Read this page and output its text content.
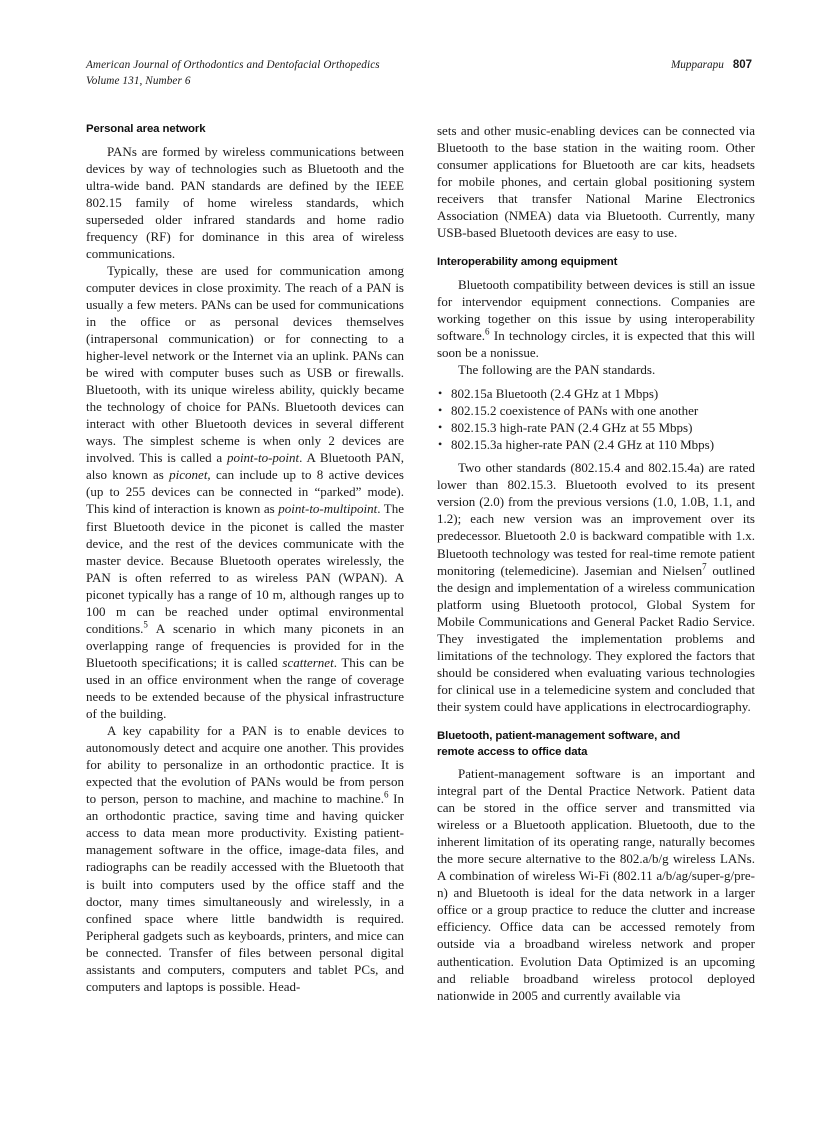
American Journal of Orthodontics and Dentofacial Orthopedics
Volume 131, Number 6
Mupparapu 807
Personal area network

PANs are formed by wireless communications between devices by way of technologies such as Bluetooth and the ultra-wide band. PAN standards are defined by the IEEE 802.15 family of home wireless standards, which superseded older infrared standards and home radio frequency (RF) for dominance in this area of wireless communications.

Typically, these are used for communication among computer devices in close proximity. The reach of a PAN is usually a few meters. PANs can be used for communications in the office or as personal devices themselves (intrapersonal communication) or for connecting to a higher-level network or the Internet via an uplink. PANs can be wired with computer buses such as USB or firewalls. Bluetooth, with its unique wireless ability, quickly became the technology of choice for PANs. Bluetooth devices can interact with other Bluetooth devices in several different ways. The simplest scheme is when only 2 devices are involved. This is called a point-to-point. A Bluetooth PAN, also known as piconet, can include up to 8 active devices (up to 255 devices can be connected in “parked” mode). This kind of interaction is known as point-to-multipoint. The first Bluetooth device in the piconet is called the master device, and the rest of the devices communicate with the master device. Because Bluetooth operates wirelessly, the PAN is often referred to as wireless PAN (WPAN). A piconet typically has a range of 10 m, although ranges up to 100 m can be reached under optimal environmental conditions.$^5$ A scenario in which many piconets in an overlapping range of frequencies is provided for in the Bluetooth specifications; it is called scatternet. This can be used in an office environment when the range of coverage needs to be extended because of the physical infrastructure of the building.

A key capability for a PAN is to enable devices to autonomously detect and acquire one another. This provides for ability to personalize in an orthodontic practice. It is expected that the evolution of PANs would be from person to person, person to machine, and machine to machine.$^6$ In an orthodontic practice, saving time and having quicker access to data mean more productivity. Existing patient-management software in the office, image-data files, and radiographs can be readily accessed with the Bluetooth that is built into computers used by the office staff and the doctor, many times simultaneously and wirelessly, in a confined space where little bandwidth is required. Peripheral gadgets such as keyboards, printers, and mice can be connected. Transfer of files between personal digital assistants and computers, computers and tablet PCs, and computers and laptops is possible. Head-

sets and other music-enabling devices can be connected via Bluetooth to the base station in the waiting room. Other consumer applications for Bluetooth are car kits, headsets for mobile phones, and certain global positioning system receivers that transfer National Marine Electronics Association (NMEA) data via Bluetooth. Currently, many USB-based Bluetooth devices are easy to use.

Interoperability among equipment

Bluetooth compatibility between devices is still an issue for intervendor equipment connections. Companies are working together on this issue by using interoperability software.$^6$ In technology circles, it is expected that this will soon be a nonissue.

The following are the PAN standards.

• 802.15a Bluetooth (2.4 GHz at 1 Mbps)
• 802.15.2 coexistence of PANs with one another
• 802.15.3 high-rate PAN (2.4 GHz at 55 Mbps)
• 802.15.3a higher-rate PAN (2.4 GHz at 110 Mbps)

Two other standards (802.15.4 and 802.15.4a) are rated lower than 802.15.3. Bluetooth evolved to its present version (2.0) from the previous versions (1.0, 1.0B, 1.1, and 1.2); each new version was an improvement over its predecessor. Bluetooth 2.0 is backward compatible with 1.x. Bluetooth technology was tested for real-time remote patient monitoring (telemedicine). Jasemian and Nielsen$^7$ outlined the design and implementation of a wireless communication platform using Bluetooth protocol, Global System for Mobile Communications and General Packet Radio Service. They investigated the implementation problems and limitations of the technology. They explored the factors that should be considered when evaluating various technologies for clinical use in a telemedicine system and concluded that their system could have applications in electrocardiography.

Bluetooth, patient-management software, and
remote access to office data

Patient-management software is an important and integral part of the Dental Practice Network. Patient data can be stored in the office server and transmitted via wireless or a Bluetooth application. Bluetooth, due to the inherent limitation of its operating range, naturally becomes the more secure alternative to the 802.a/b/g wireless LANs. A combination of wireless Wi-Fi (802.11 a/b/ag/super-g/pre-n) and Bluetooth is ideal for the data network in a larger office or a group practice to reduce the clutter and increase efficiency. Office data can be accessed remotely from outside via a broadband wireless network and proper authentication. Evolution Data Optimized is an upcoming and reliable broadband wireless protocol deployed nationwide in 2005 and currently available via
